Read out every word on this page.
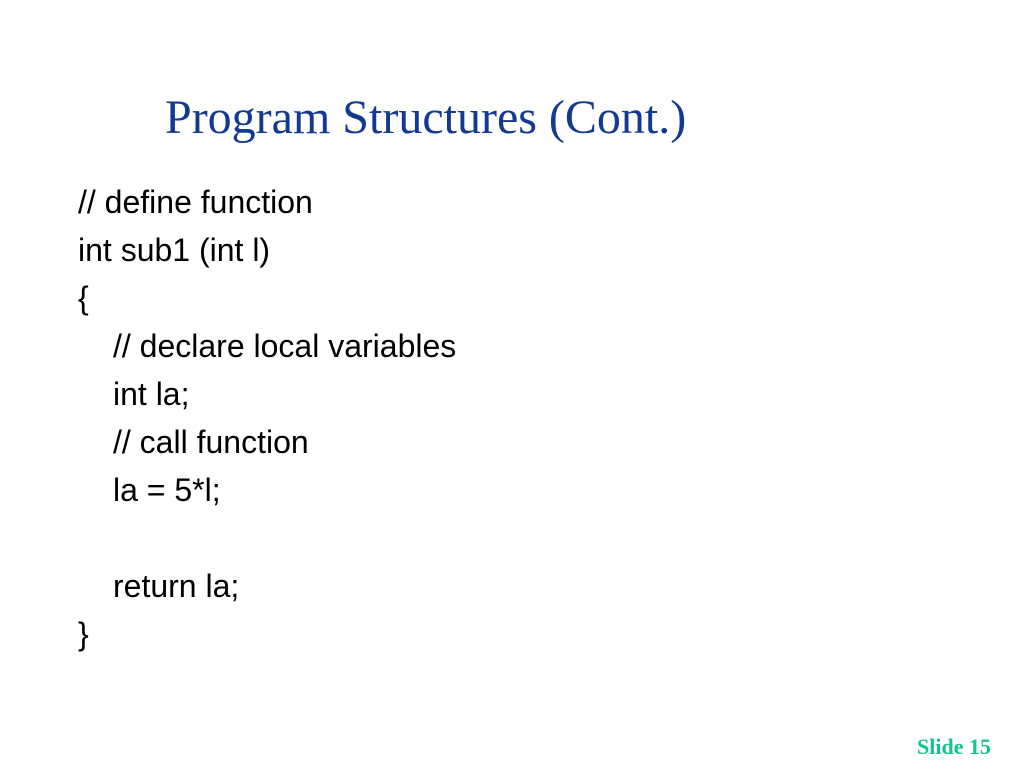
Program Structures (Cont.)
// define function
int sub1 (int l)
{
// declare local variables
int la;
// call function
la = 5*l;
return la;
}
Slide 15
